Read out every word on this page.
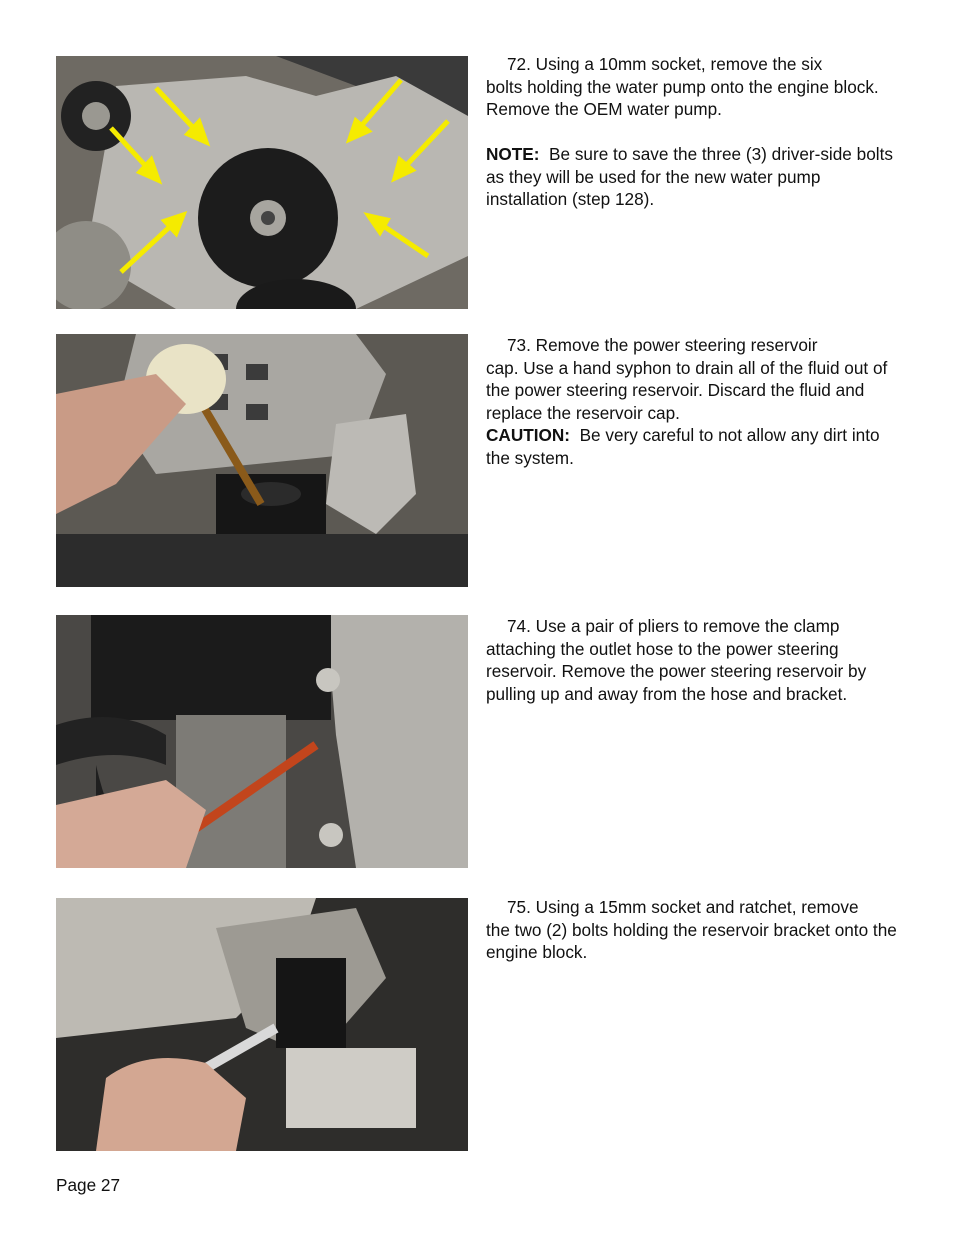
72. Using a 10mm socket, remove the six

bolts holding the water pump onto the engine block. Remove the OEM water pump.

NOTE: Be sure to save the three (3) driver-side bolts as they will be used for the new water pump installation (step 128).

73. Remove the power steering reservoir

cap. Use a hand syphon to drain all of the fluid out of the power steering reservoir. Discard the fluid and replace the reservoir cap.

CAUTION: Be very careful to not allow any dirt into the system.

74. Use a pair of pliers to remove the clamp

attaching the outlet hose to the power steering reservoir. Remove the power steering reservoir by pulling up and away from the hose and bracket.

75. Using a 15mm socket and ratchet, remove

the two (2) bolts holding the reservoir bracket onto the engine block.

Page 27
